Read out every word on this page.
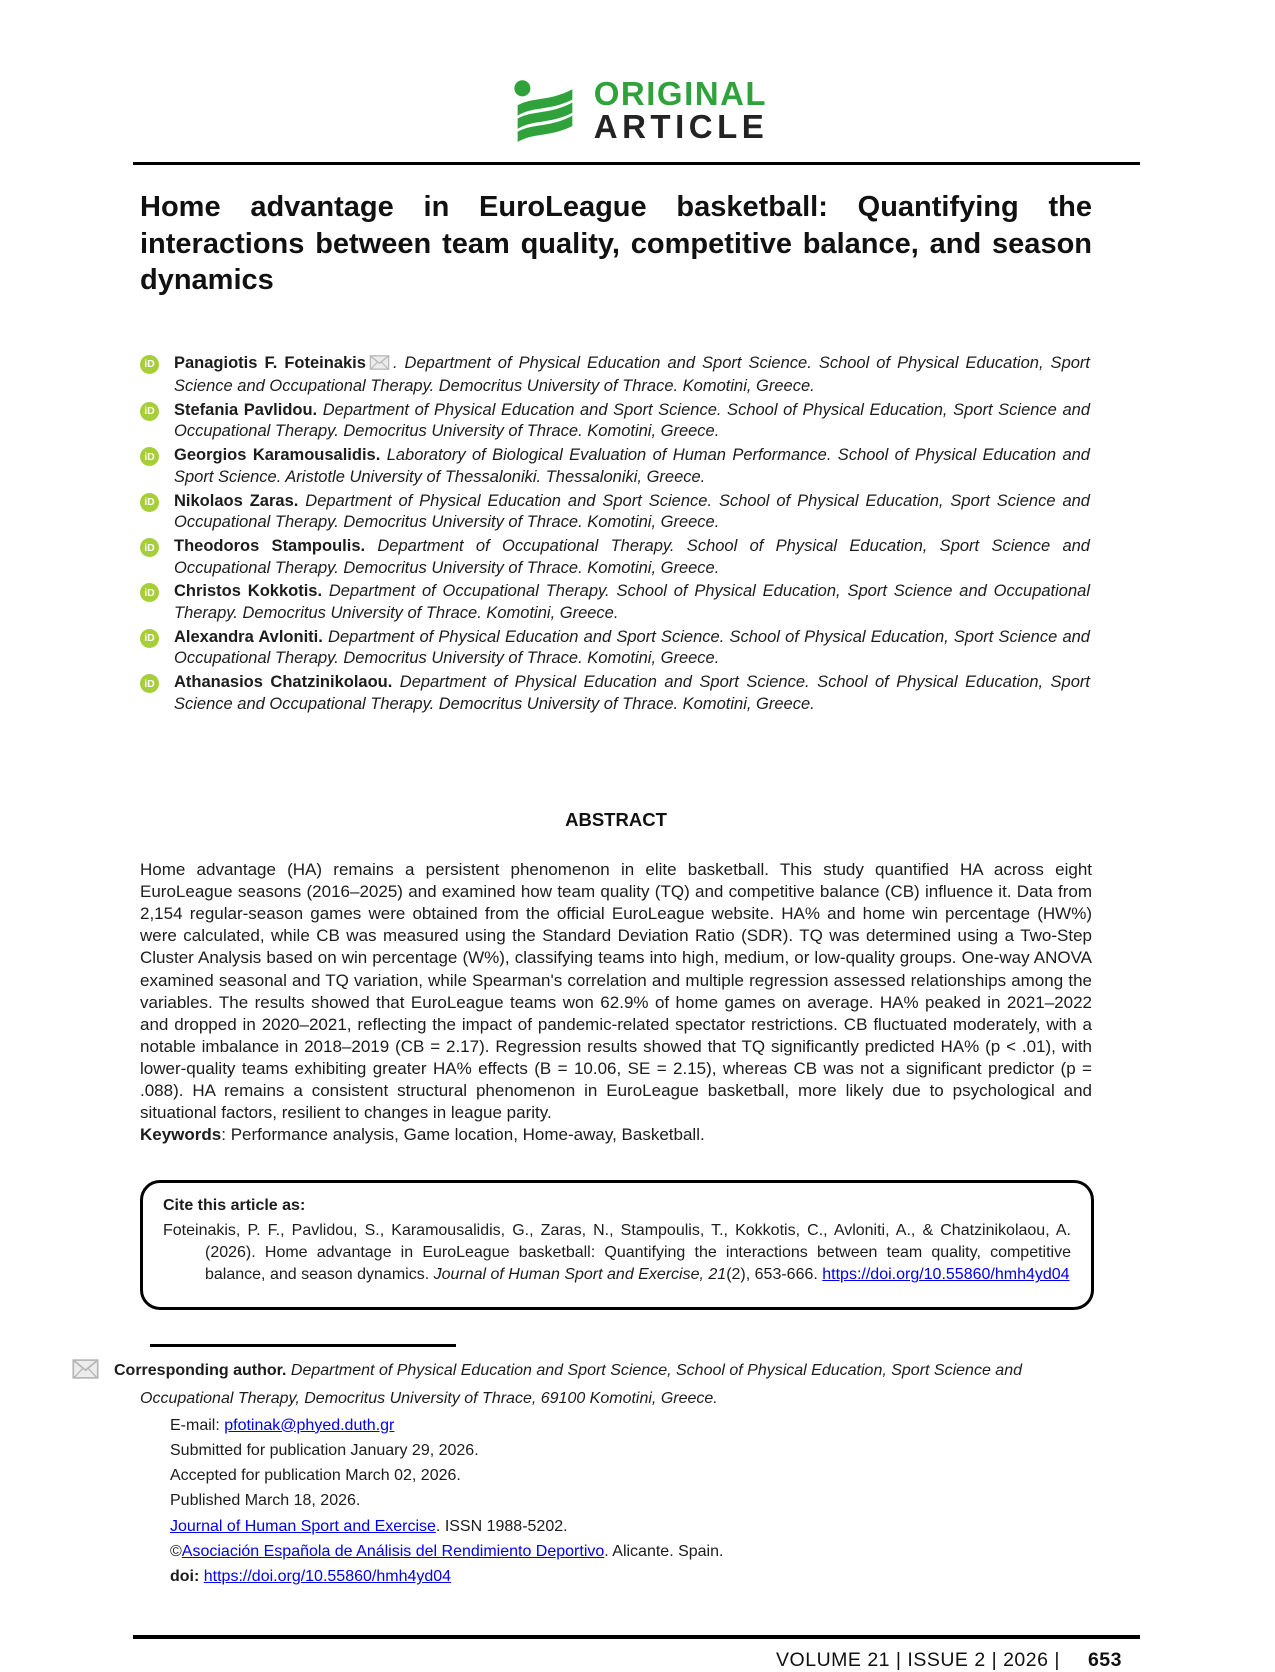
ORIGINAL
ARTICLE
Home advantage in EuroLeague basketball: Quantifying the interactions between team quality, competitive balance, and season dynamics
iD Panagiotis F. Foteinakis . Department of Physical Education and Sport Science. School of Physical Education, Sport Science and Occupational Therapy. Democritus University of Thrace. Komotini, Greece.
iD Stefania Pavlidou. Department of Physical Education and Sport Science. School of Physical Education, Sport Science and Occupational Therapy. Democritus University of Thrace. Komotini, Greece.
iD Georgios Karamousalidis. Laboratory of Biological Evaluation of Human Performance. School of Physical Education and Sport Science. Aristotle University of Thessaloniki. Thessaloniki, Greece.
iD Nikolaos Zaras. Department of Physical Education and Sport Science. School of Physical Education, Sport Science and Occupational Therapy. Democritus University of Thrace. Komotini, Greece.
iD Theodoros Stampoulis. Department of Occupational Therapy. School of Physical Education, Sport Science and Occupational Therapy. Democritus University of Thrace. Komotini, Greece.
iD Christos Kokkotis. Department of Occupational Therapy. School of Physical Education, Sport Science and Occupational Therapy. Democritus University of Thrace. Komotini, Greece.
iD Alexandra Avloniti. Department of Physical Education and Sport Science. School of Physical Education, Sport Science and Occupational Therapy. Democritus University of Thrace. Komotini, Greece.
iD Athanasios Chatzinikolaou. Department of Physical Education and Sport Science. School of Physical Education, Sport Science and Occupational Therapy. Democritus University of Thrace. Komotini, Greece.
ABSTRACT

Home advantage (HA) remains a persistent phenomenon in elite basketball. This study quantified HA across eight EuroLeague seasons (2016–2025) and examined how team quality (TQ) and competitive balance (CB) influence it. Data from 2,154 regular-season games were obtained from the official EuroLeague website. HA% and home win percentage (HW%) were calculated, while CB was measured using the Standard Deviation Ratio (SDR). TQ was determined using a Two-Step Cluster Analysis based on win percentage (W%), classifying teams into high, medium, or low-quality groups. One-way ANOVA examined seasonal and TQ variation, while Spearman's correlation and multiple regression assessed relationships among the variables. The results showed that EuroLeague teams won 62.9% of home games on average. HA% peaked in 2021–2022 and dropped in 2020–2021, reflecting the impact of pandemic-related spectator restrictions. CB fluctuated moderately, with a notable imbalance in 2018–2019 (CB = 2.17). Regression results showed that TQ significantly predicted HA% (p < .01), with lower-quality teams exhibiting greater HA% effects (B = 10.06, SE = 2.15), whereas CB was not a significant predictor (p = .088). HA remains a consistent structural phenomenon in EuroLeague basketball, more likely due to psychological and situational factors, resilient to changes in league parity.

Keywords: Performance analysis, Game location, Home-away, Basketball.

Cite this article as:

Foteinakis, P. F., Pavlidou, S., Karamousalidis, G., Zaras, N., Stampoulis, T., Kokkotis, C., Avloniti, A., & Chatzinikolaou, A. (2026). Home advantage in EuroLeague basketball: Quantifying the interactions between team quality, competitive balance, and season dynamics. Journal of Human Sport and Exercise, 21(2), 653-666. https://doi.org/10.55860/hmh4yd04

Corresponding author. Department of Physical Education and Sport Science, School of Physical Education, Sport Science and Occupational Therapy, Democritus University of Thrace, 69100 Komotini, Greece.

E-mail: pfotinak@phyed.duth.gr

Submitted for publication January 29, 2026.

Accepted for publication March 02, 2026.

Published March 18, 2026.

Journal of Human Sport and Exercise. ISSN 1988-5202.

©Asociación Española de Análisis del Rendimiento Deportivo. Alicante. Spain.

doi: https://doi.org/10.55860/hmh4yd04

VOLUME 21 | ISSUE 2 | 2026 | 653
